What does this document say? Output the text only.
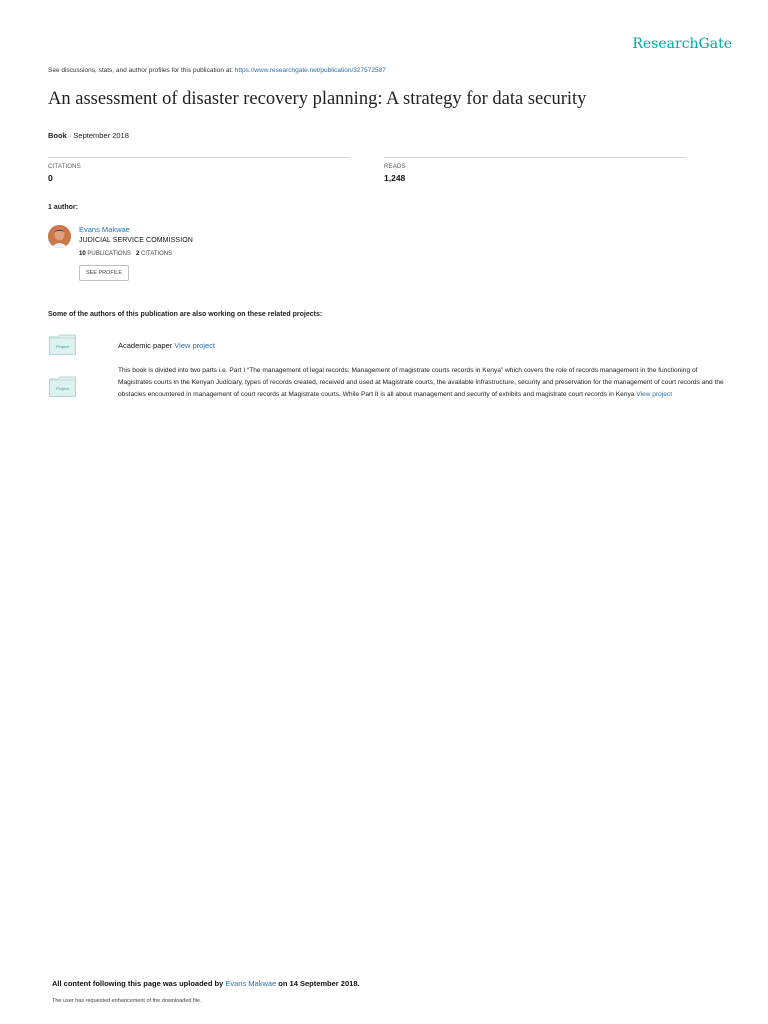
ResearchGate
See discussions, stats, and author profiles for this publication at: https://www.researchgate.net/publication/327572587
An assessment of disaster recovery planning: A strategy for data security
Book · September 2018
CITATIONS
0
READS
1,248
1 author:
Evans Makwae
JUDICIAL SERVICE COMMISSION
10 PUBLICATIONS 2 CITATIONS
SEE PROFILE
Some of the authors of this publication are also working on these related projects:
Project	Academic paper View project
Project
This book is divided into two parts i.e. Part I “The management of legal records: Management of magistrate courts records in Kenya” which covers the role of records management in the functioning of Magistrates courts in the Kenyan Judiciary, types of records created, received and used at Magistrate courts, the available infrastructure, security and preservation for the management of court records and the obstacles encountered in management of court records at Magistrate courts. While Part II is all about management and security of exhibits and magistrate court records in Kenya View project
All content following this page was uploaded by Evans Makwae on 14 September 2018.
The user has requested enhancement of the downloaded file.
